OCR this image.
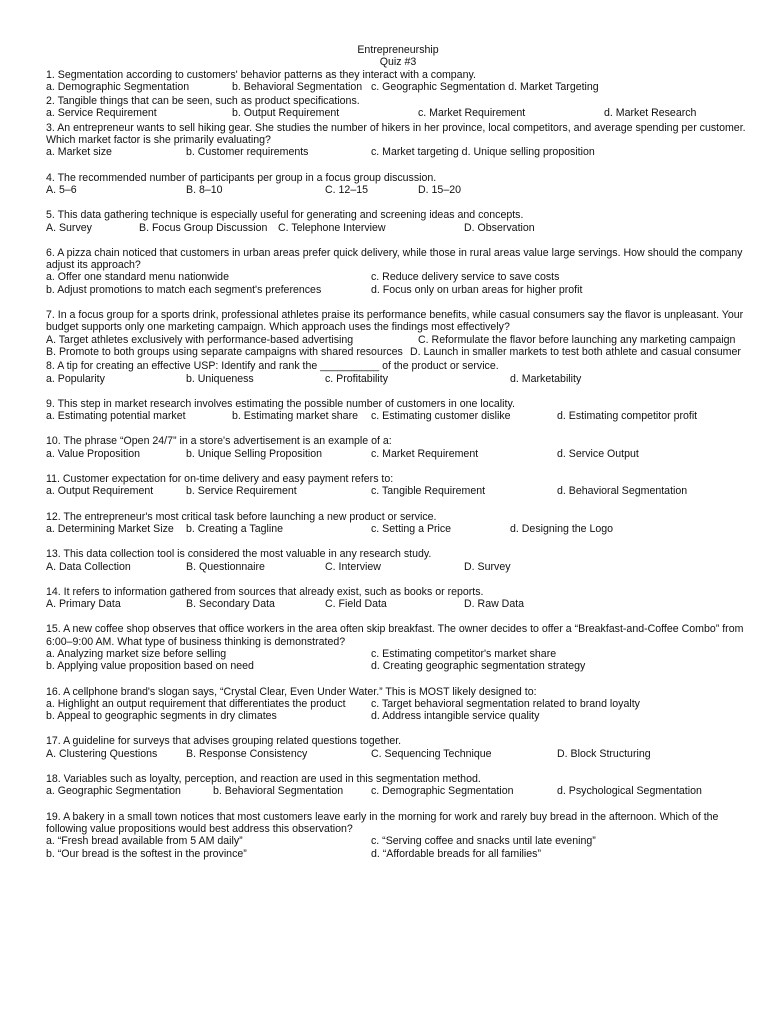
Entrepreneurship
Quiz #3
1. Segmentation according to customers' behavior patterns as they interact with a company.
a. Demographic Segmentation	b. Behavioral Segmentation c. Geographic Segmentation d. Market Targeting
2. Tangible things that can be seen, such as product specifications.
a. Service Requirement	b. Output Requirement	c. Market Requirement	d. Market Research
3. An entrepreneur wants to sell hiking gear. She studies the number of hikers in her province, local competitors, and average spending per customer. Which market factor is she primarily evaluating?
a. Market size	b. Customer requirements	c. Market targeting d. Unique selling proposition
4. The recommended number of participants per group in a focus group discussion.
A. 5–6	B. 8–10	C. 12–15	D. 15–20
5. This data gathering technique is especially useful for generating and screening ideas and concepts.
A. Survey	B. Focus Group Discussion C. Telephone Interview	D. Observation
6. A pizza chain noticed that customers in urban areas prefer quick delivery, while those in rural areas value large servings. How should the company adjust its approach?
a. Offer one standard menu nationwide	c. Reduce delivery service to save costs
b. Adjust promotions to match each segment's preferences	d. Focus only on urban areas for higher profit
7. In a focus group for a sports drink, professional athletes praise its performance benefits, while casual consumers say the flavor is unpleasant. Your budget supports only one marketing campaign. Which approach uses the findings most effectively?
A. Target athletes exclusively with performance-based advertising	C. Reformulate the flavor before launching any marketing campaign
B. Promote to both groups using separate campaigns with shared resources D. Launch in smaller markets to test both athlete and casual consumer
8. A tip for creating an effective USP: Identify and rank the __________ of the product or service.
a. Popularity	b. Uniqueness	c. Profitability	d. Marketability
9. This step in market research involves estimating the possible number of customers in one locality.
a. Estimating potential market	b. Estimating market share c. Estimating customer dislike	d. Estimating competitor profit
10. The phrase “Open 24/7” in a store's advertisement is an example of a:
a. Value Proposition	b. Unique Selling Proposition	c. Market Requirement	d. Service Output
11. Customer expectation for on-time delivery and easy payment refers to:
a. Output Requirement	b. Service Requirement	c. Tangible Requirement	d. Behavioral Segmentation
12. The entrepreneur's most critical task before launching a new product or service.
a. Determining Market Size b. Creating a Tagline	c. Setting a Price	d. Designing the Logo
13. This data collection tool is considered the most valuable in any research study.
A. Data Collection	B. Questionnaire	C. Interview	D. Survey
14. It refers to information gathered from sources that already exist, such as books or reports.
A. Primary Data	B. Secondary Data	C. Field Data	D. Raw Data
15. A new coffee shop observes that office workers in the area often skip breakfast. The owner decides to offer a “Breakfast-and-Coffee Combo” from 6:00–9:00 AM. What type of business thinking is demonstrated?
a. Analyzing market size before selling	c. Estimating competitor's market share
b. Applying value proposition based on need	d. Creating geographic segmentation strategy
16. A cellphone brand's slogan says, “Crystal Clear, Even Under Water.” This is MOST likely designed to:
a. Highlight an output requirement that differentiates the product c. Target behavioral segmentation related to brand loyalty
b. Appeal to geographic segments in dry climates	d. Address intangible service quality
17. A guideline for surveys that advises grouping related questions together.
A. Clustering Questions	B. Response Consistency	C. Sequencing Technique	D. Block Structuring
18. Variables such as loyalty, perception, and reaction are used in this segmentation method.
a. Geographic Segmentation	b. Behavioral Segmentation	c. Demographic Segmentation	d. Psychological Segmentation
19. A bakery in a small town notices that most customers leave early in the morning for work and rarely buy bread in the afternoon. Which of the following value propositions would best address this observation?
a. “Fresh bread available from 5 AM daily”	c. “Serving coffee and snacks until late evening”
b. “Our bread is the softest in the province”	d. “Affordable breads for all families”
